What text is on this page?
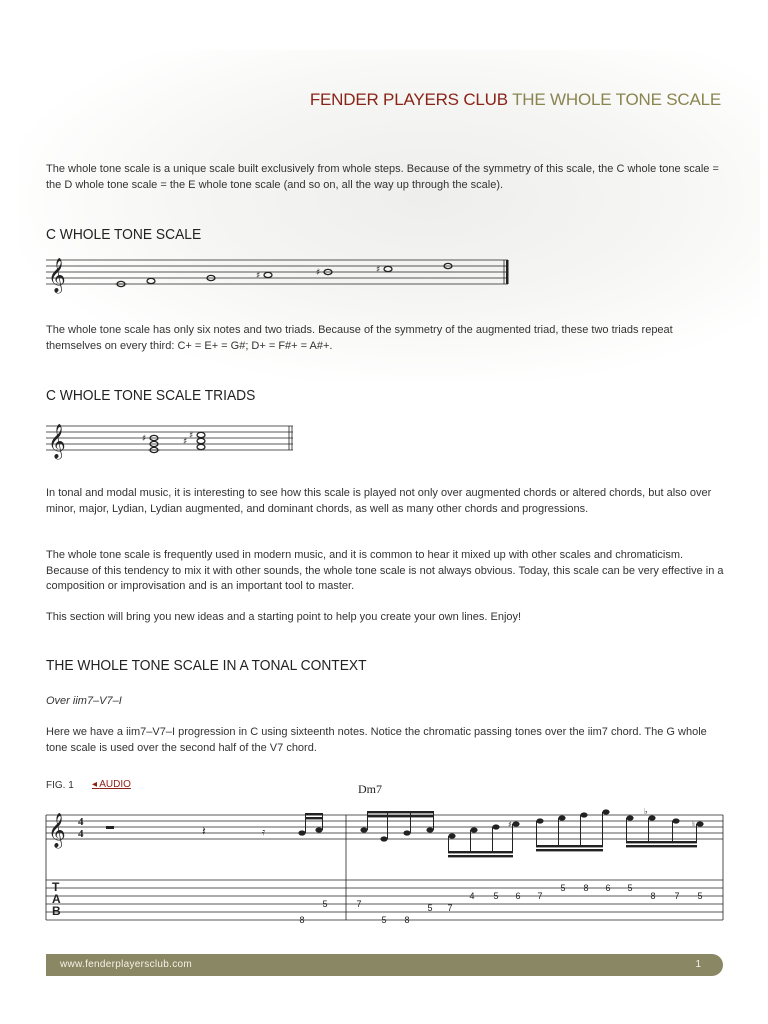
FENDER PLAYERS CLUB THE WHOLE TONE SCALE
The whole tone scale is a unique scale built exclusively from whole steps. Because of the symmetry of this scale, the C whole tone scale = the D whole tone scale = the E whole tone scale (and so on, all the way up through the scale).
C WHOLE TONE SCALE
𝄞	♯	♯	♯
The whole tone scale has only six notes and two triads. Because of the symmetry of the augmented triad, these two triads repeat themselves on every third: C+ = E+ = G#; D+ = F#+ = A#+.
C WHOLE TONE SCALE TRIADS
𝄞	♯	♯
♯
In tonal and modal music, it is interesting to see how this scale is played not only over augmented chords or altered chords, but also over minor, major, Lydian, Lydian augmented, and dominant chords, as well as many other chords and progressions.
The whole tone scale is frequently used in modern music, and it is common to hear it mixed up with other scales and chromaticism. Because of this tendency to mix it with other sounds, the whole tone scale is not always obvious. Today, this scale can be very effective in a composition or improvisation and is an important tool to master.
This section will bring you new ideas and a starting point to help you create your own lines. Enjoy!
THE WHOLE TONE SCALE IN A TONAL CONTEXT
Over iim7–V7–I
Here we have a iim7–V7–I progression in C using sixteenth notes. Notice the chromatic passing tones over the iim7 chord. The G whole tone scale is used over the second half of the V7 chord.
FIG. 1 ◂ AUDIO	Dm7
𝄞 4
4	𝄽	𝄿
♯
♭
♮
T
A
B
8
5	7
5 8
5 7
4 5 6 7
5 8 6 5
8 7 5
www.fenderplayersclub.com	1
